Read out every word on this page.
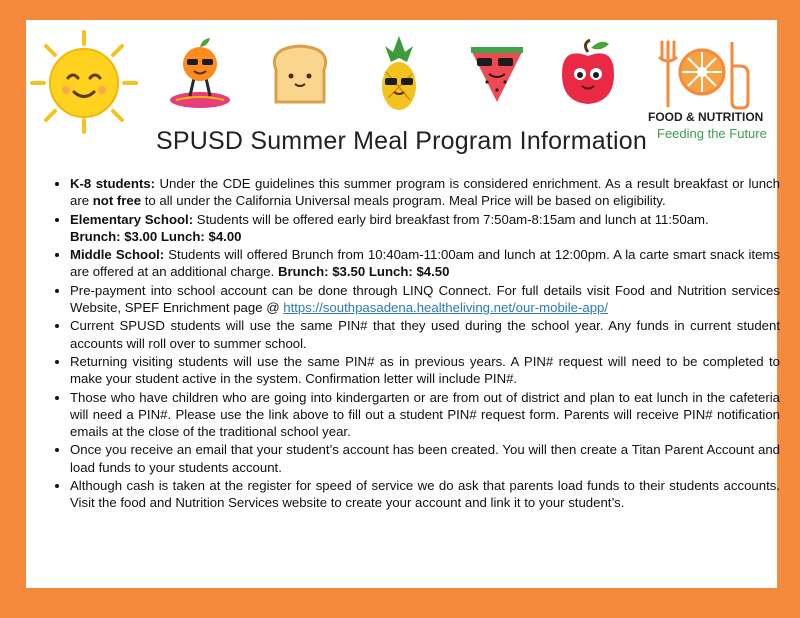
FOOD & NUTRITION
Feeding the Future
SPUSD Summer Meal Program Information
• K-8 students: Under the CDE guidelines this summer program is considered enrichment. As a result breakfast or lunch are not free to all under the California Universal meals program. Meal Price will be based on eligibility.
• Elementary School: Students will be offered early bird breakfast from 7:50am-8:15am and lunch at 11:50am.
Brunch: $3.00 Lunch: $4.00
• Middle School: Students will offered Brunch from 10:40am-11:00am and lunch at 12:00pm. A la carte smart snack items are offered at an additional charge. Brunch: $3.50 Lunch: $4.50
• Pre-payment into school account can be done through LINQ Connect. For full details visit Food and Nutrition services Website, SPEF Enrichment page @ https://southpasadena.healtheliving.net/our-mobile-app/
• Current SPUSD students will use the same PIN# that they used during the school year. Any funds in current student accounts will roll over to summer school.
• Returning visiting students will use the same PIN# as in previous years. A PIN# request will need to be completed to make your student active in the system. Confirmation letter will include PIN#.
• Those who have children who are going into kindergarten or are from out of district and plan to eat lunch in the cafeteria will need a PIN#. Please use the link above to fill out a student PIN# request form. Parents will receive PIN# notification emails at the close of the traditional school year.
• Once you receive an email that your student’s account has been created. You will then create a Titan Parent Account and load funds to your students account.
• Although cash is taken at the register for speed of service we do ask that parents load funds to their students accounts. Visit the food and Nutrition Services website to create your account and link it to your student’s.
